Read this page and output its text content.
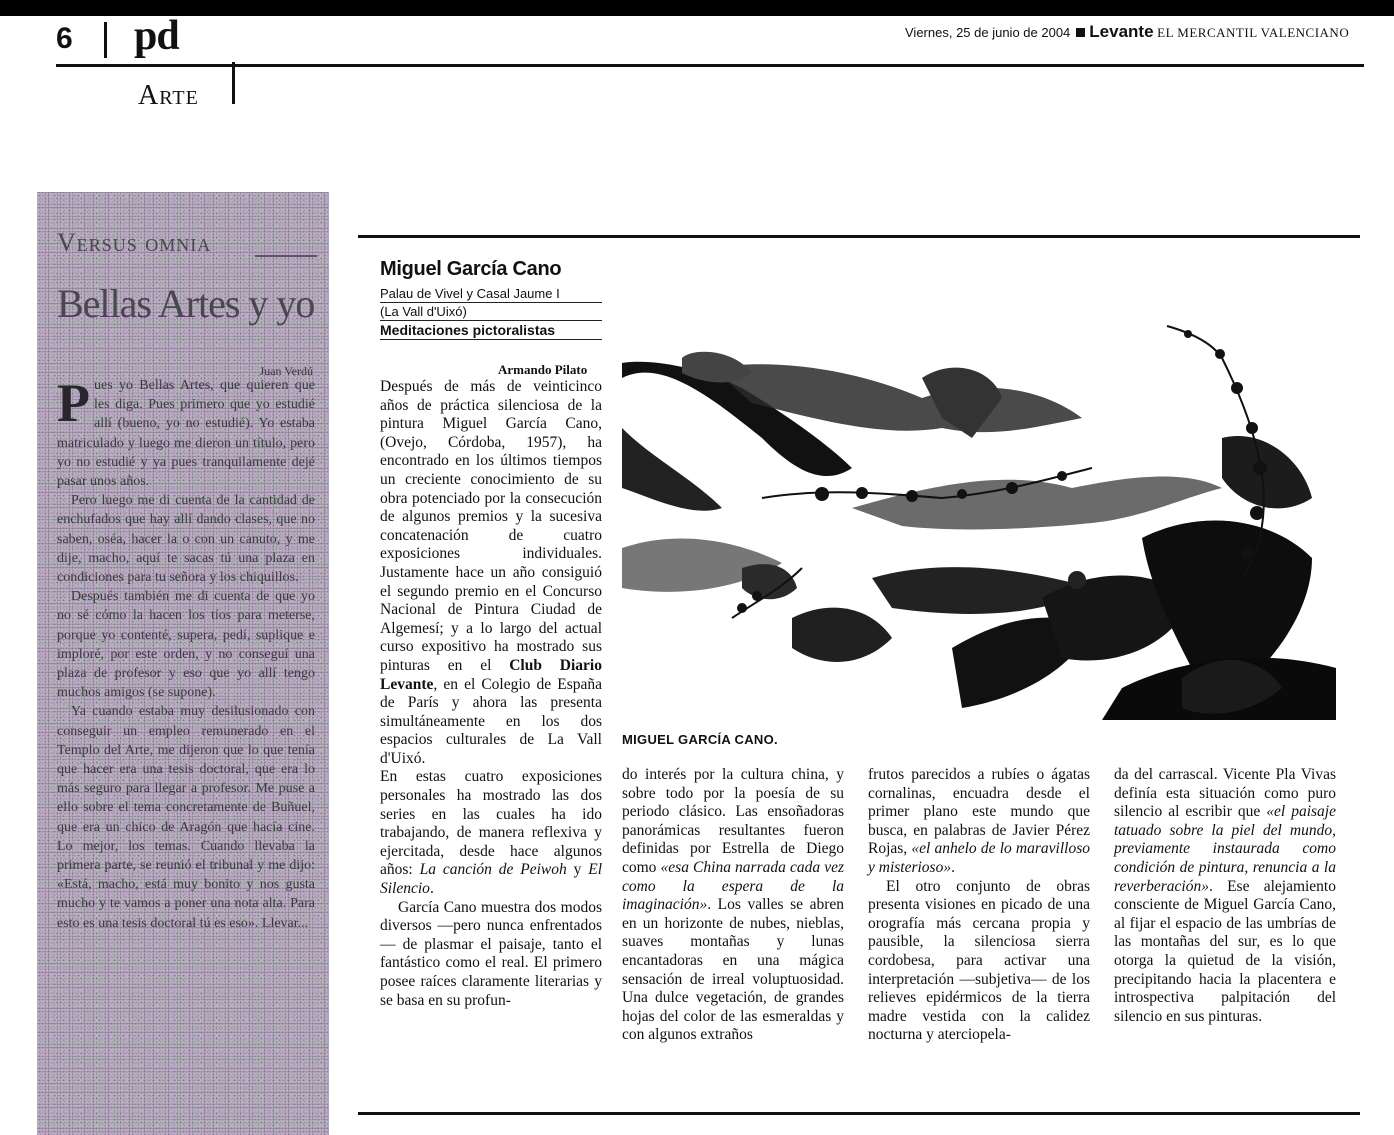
6 pd	Viernes, 25 de junio de 2004 Levante EL MERCANTIL VALENCIANO
Arte
Versus omnia
Bellas Artes y yo
Juan Verdú

Pues yo Bellas Artes, que quieren que les diga. Pues primero que yo estudié allí (bueno, yo no estudié). Yo estaba matriculado y luego me dieron un título, pero yo no estudié y ya pues tranquilamente dejé pasar unos años.

Pero luego me di cuenta de la cantidad de enchufados que hay allí dando clases, que no saben, oséa, hacer la o con un canuto, y me dije, macho, aquí te sacas tú una plaza en condiciones para tu señora y los chiquillos.

Después también me di cuenta de que yo no sé cómo la hacen los tíos para meterse, porque yo contenté, supera, pedí, suplique e imploré, por este orden, y no conseguí una plaza de profesor y eso que yo allí tengo muchos amigos (se supone).

Ya cuando estaba muy desilusionado con conseguir un empleo remunerado en el Templo del Arte, me dijeron que lo que tenía que hacer era una tesis doctoral, que era lo más seguro para llegar a profesor. Me puse a ello sobre el tema concretamente de Buñuel, que era un chico de Aragón que hacía cine. Lo mejor, los temas. Cuando llevaba la primera parte, se reunió el tribunal y me dijo: «Está, macho, está muy bonito y nos gusta mucho y te vamos a poner una nota alta. Para esto es una tesis doctoral tú es eso». Llevar...

Miguel García Cano
Palau de Vivel y Casal Jaume I
(La Vall d'Uixó)
Meditaciones pictoralistas
Armando Pilato

Después de más de veinticinco años de práctica silenciosa de la pintura Miguel García Cano, (Ovejo, Córdoba, 1957), ha encontrado en los últimos tiempos un creciente conocimiento de su obra potenciado por la consecución de algunos premios y la sucesiva concatenación de cuatro exposiciones individuales. Justamente hace un año consiguió el segundo premio en el Concurso Nacional de Pintura Ciudad de Algemesí; y a lo largo del actual curso expositivo ha mostrado sus pinturas en el Club Diario Levante, en el Colegio de España de París y ahora las presenta simultáneamente en los dos espacios culturales de La Vall d'Uixó.

En estas cuatro exposiciones personales ha mostrado las dos series en las cuales ha ido trabajando, de manera reflexiva y ejercitada, desde hace algunos años: La canción de Peiwoh y El Silencio.

García Cano muestra dos modos diversos —pero nunca enfrentados— de plasmar el paisaje, tanto el fantástico como el real. El primero posee raíces claramente literarias y se basa en su profun-

MIGUEL GARCÍA CANO.

do interés por la cultura china, y sobre todo por la poesía de su periodo clásico. Las ensoñadoras panorámicas resultantes fueron definidas por Estrella de Diego como «esa China narrada cada vez como la espera de la imaginación». Los valles se abren en un horizonte de nubes, nieblas, suaves montañas y lunas encantadoras en una mágica sensación de irreal voluptuosidad. Una dulce vegetación, de grandes hojas del color de las esmeraldas y con algunos extraños

frutos parecidos a rubíes o ágatas cornalinas, encuadra desde el primer plano este mundo que busca, en palabras de Javier Pérez Rojas, «el anhelo de lo maravilloso y misterioso».

El otro conjunto de obras presenta visiones en picado de una orografía más cercana propia y pausible, la silenciosa sierra cordobesa, para activar una interpretación —subjetiva— de los relieves epidérmicos de la tierra madre vestida con la calidez nocturna y aterciopela-

da del carrascal. Vicente Pla Vivas definía esta situación como puro silencio al escribir que «el paisaje tatuado sobre la piel del mundo, previamente instaurada como condición de pintura, renuncia a la reverberación». Ese alejamiento consciente de Miguel García Cano, al fijar el espacio de las umbrías de las montañas del sur, es lo que otorga la quietud de la visión, precipitando hacia la placentera e introspectiva palpitación del silencio en sus pinturas.
